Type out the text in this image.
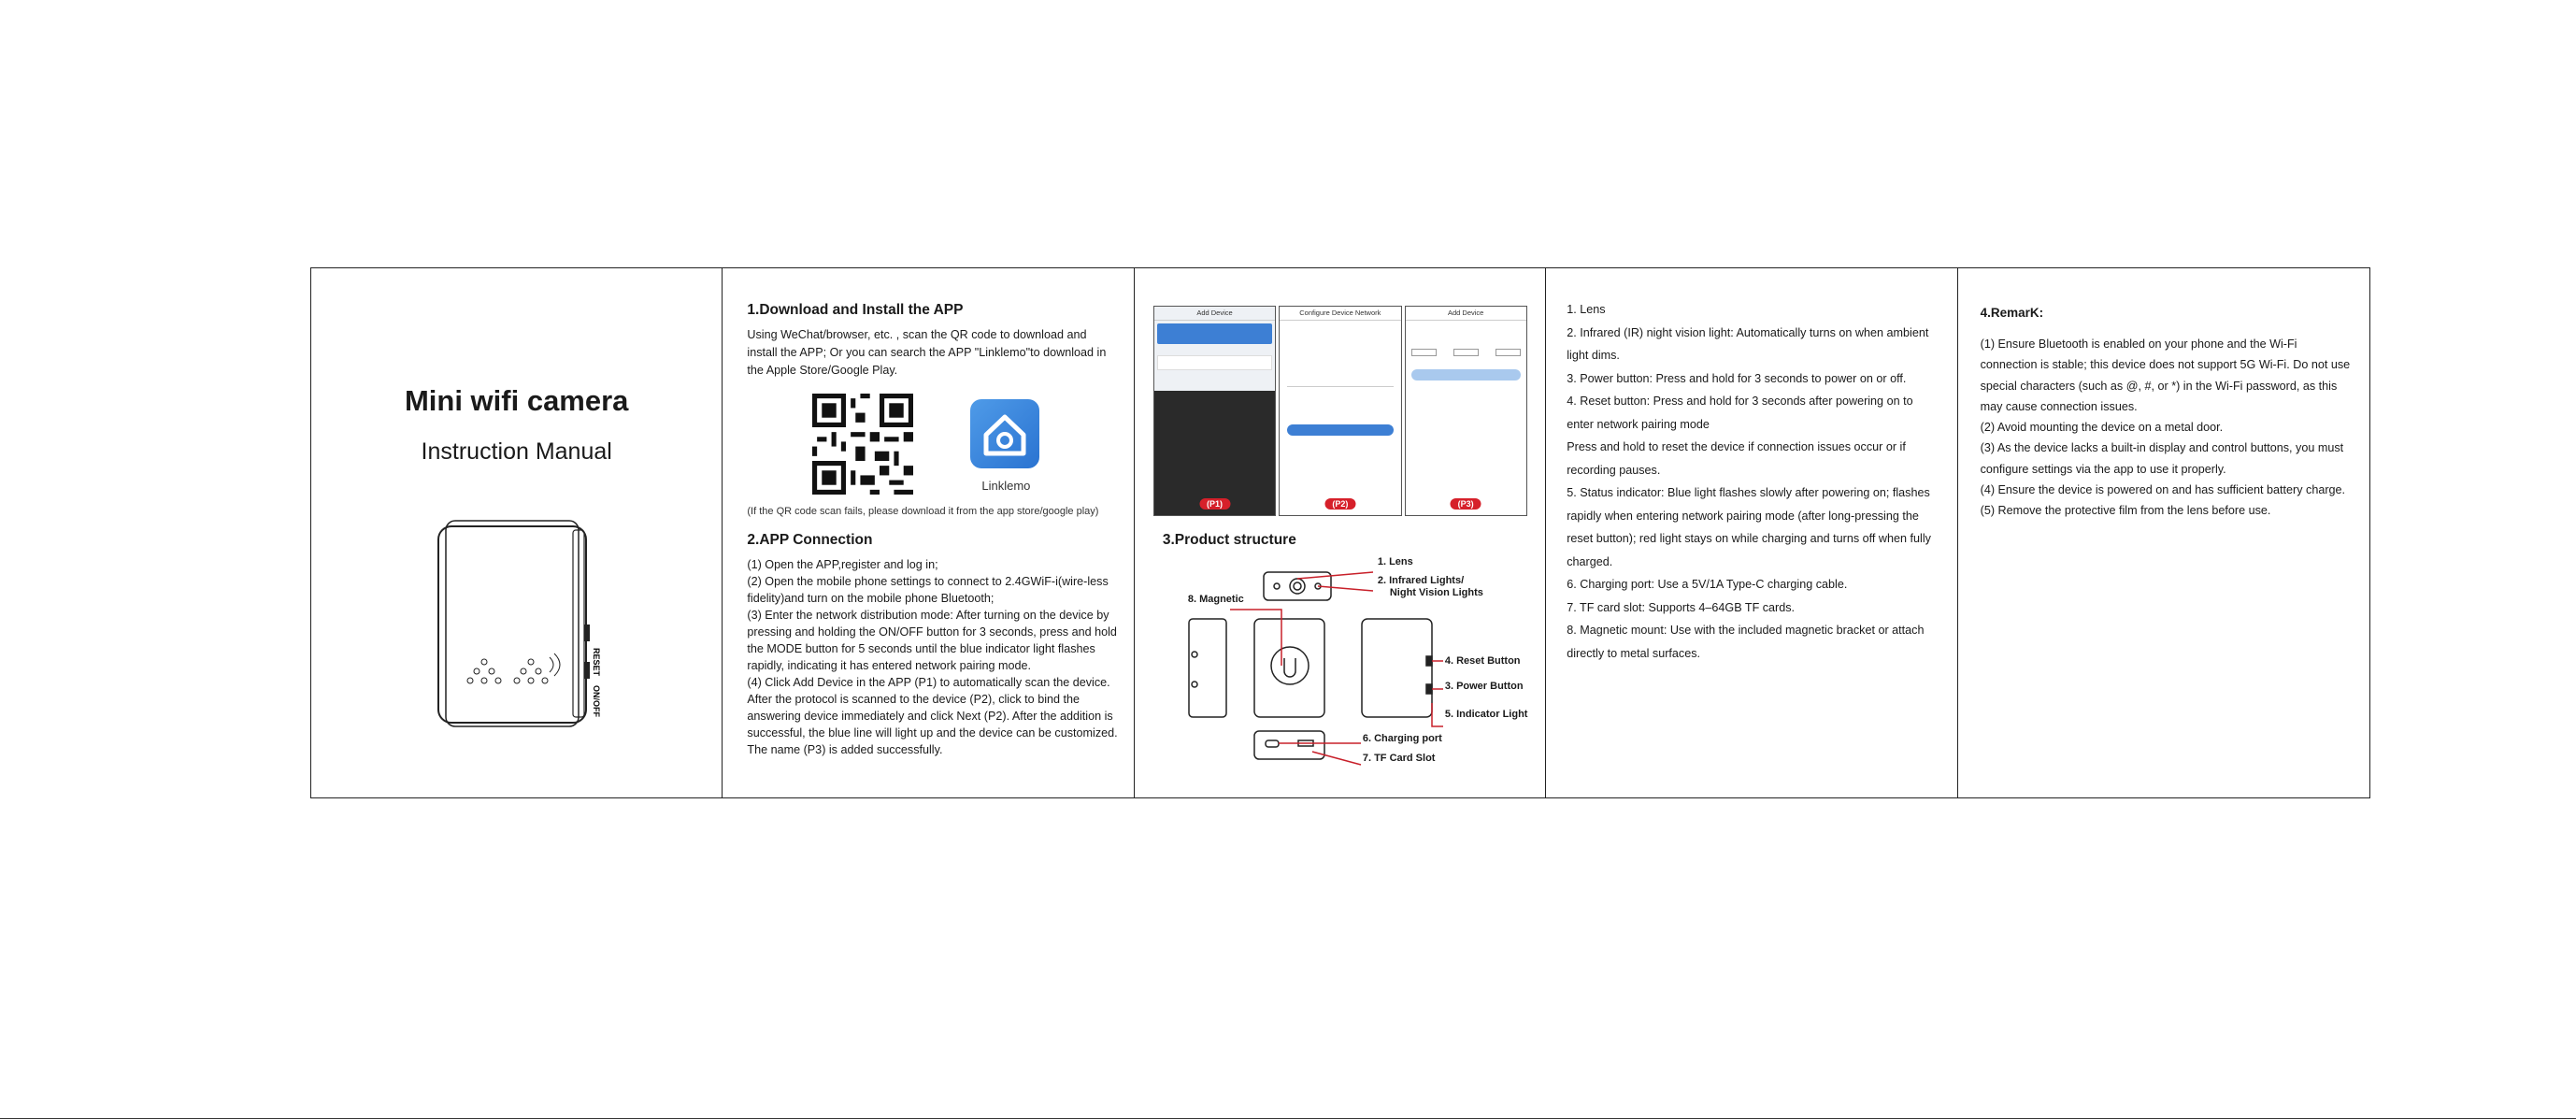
Mini wifi camera
Instruction Manual
RESET
ON/OFF
1.Download and Install the APP
Using WeChat/browser, etc. , scan the QR code to download and install the APP; Or you can search the APP "Linklemo"to download in the Apple Store/Google Play.
Linklemo
(If the QR code scan fails, please download it from the app store/google play)
2.APP Connection

(1) Open the APP,register and log in;

(2) Open the mobile phone settings to connect to 2.4GWiF-i(wire-less fidelity)and turn on the mobile phone Bluetooth;

(3) Enter the network distribution mode: After turning on the device by pressing and holding the ON/OFF button for 3 seconds, press and hold the MODE button for 5 seconds until the blue indicator light flashes rapidly, indicating it has entered network pairing mode.

(4) Click Add Device in the APP (P1) to automatically scan the device. After the protocol is scanned to the device (P2), click to bind the answering device immediately and click Next (P2). After the addition is successful, the blue line will light up and the device can be customized. The name (P3) is added successfully.

Add Device
(P1)
Configure Device Network
(P2)
Add Device
(P3)
3.Product structure
1. Lens
2. Infrared Lights/
Night Vision Lights
8. Magnetic
4. Reset Button
3. Power Button
5. Indicator Light
6. Charging port
7. TF Card Slot

1. Lens

2. Infrared (IR) night vision light: Automatically turns on when ambient light dims.

3. Power button: Press and hold for 3 seconds to power on or off.

4. Reset button: Press and hold for 3 seconds after powering on to enter network pairing mode

Press and hold to reset the device if connection issues occur or if recording pauses.

5. Status indicator: Blue light flashes slowly after powering on; flashes rapidly when entering network pairing mode (after long-pressing the reset button); red light stays on while charging and turns off when fully charged.

6. Charging port: Use a 5V/1A Type-C charging cable.

7. TF card slot: Supports 4–64GB TF cards.

8. Magnetic mount: Use with the included magnetic bracket or attach directly to metal surfaces.

4.RemarK:

(1) Ensure Bluetooth is enabled on your phone and the Wi-Fi connection is stable; this device does not support 5G Wi-Fi. Do not use special characters (such as @, #, or *) in the Wi-Fi password, as this may cause connection issues.

(2) Avoid mounting the device on a metal door.

(3) As the device lacks a built-in display and control buttons, you must configure settings via the app to use it properly.

(4) Ensure the device is powered on and has sufficient battery charge.

(5) Remove the protective film from the lens before use.
